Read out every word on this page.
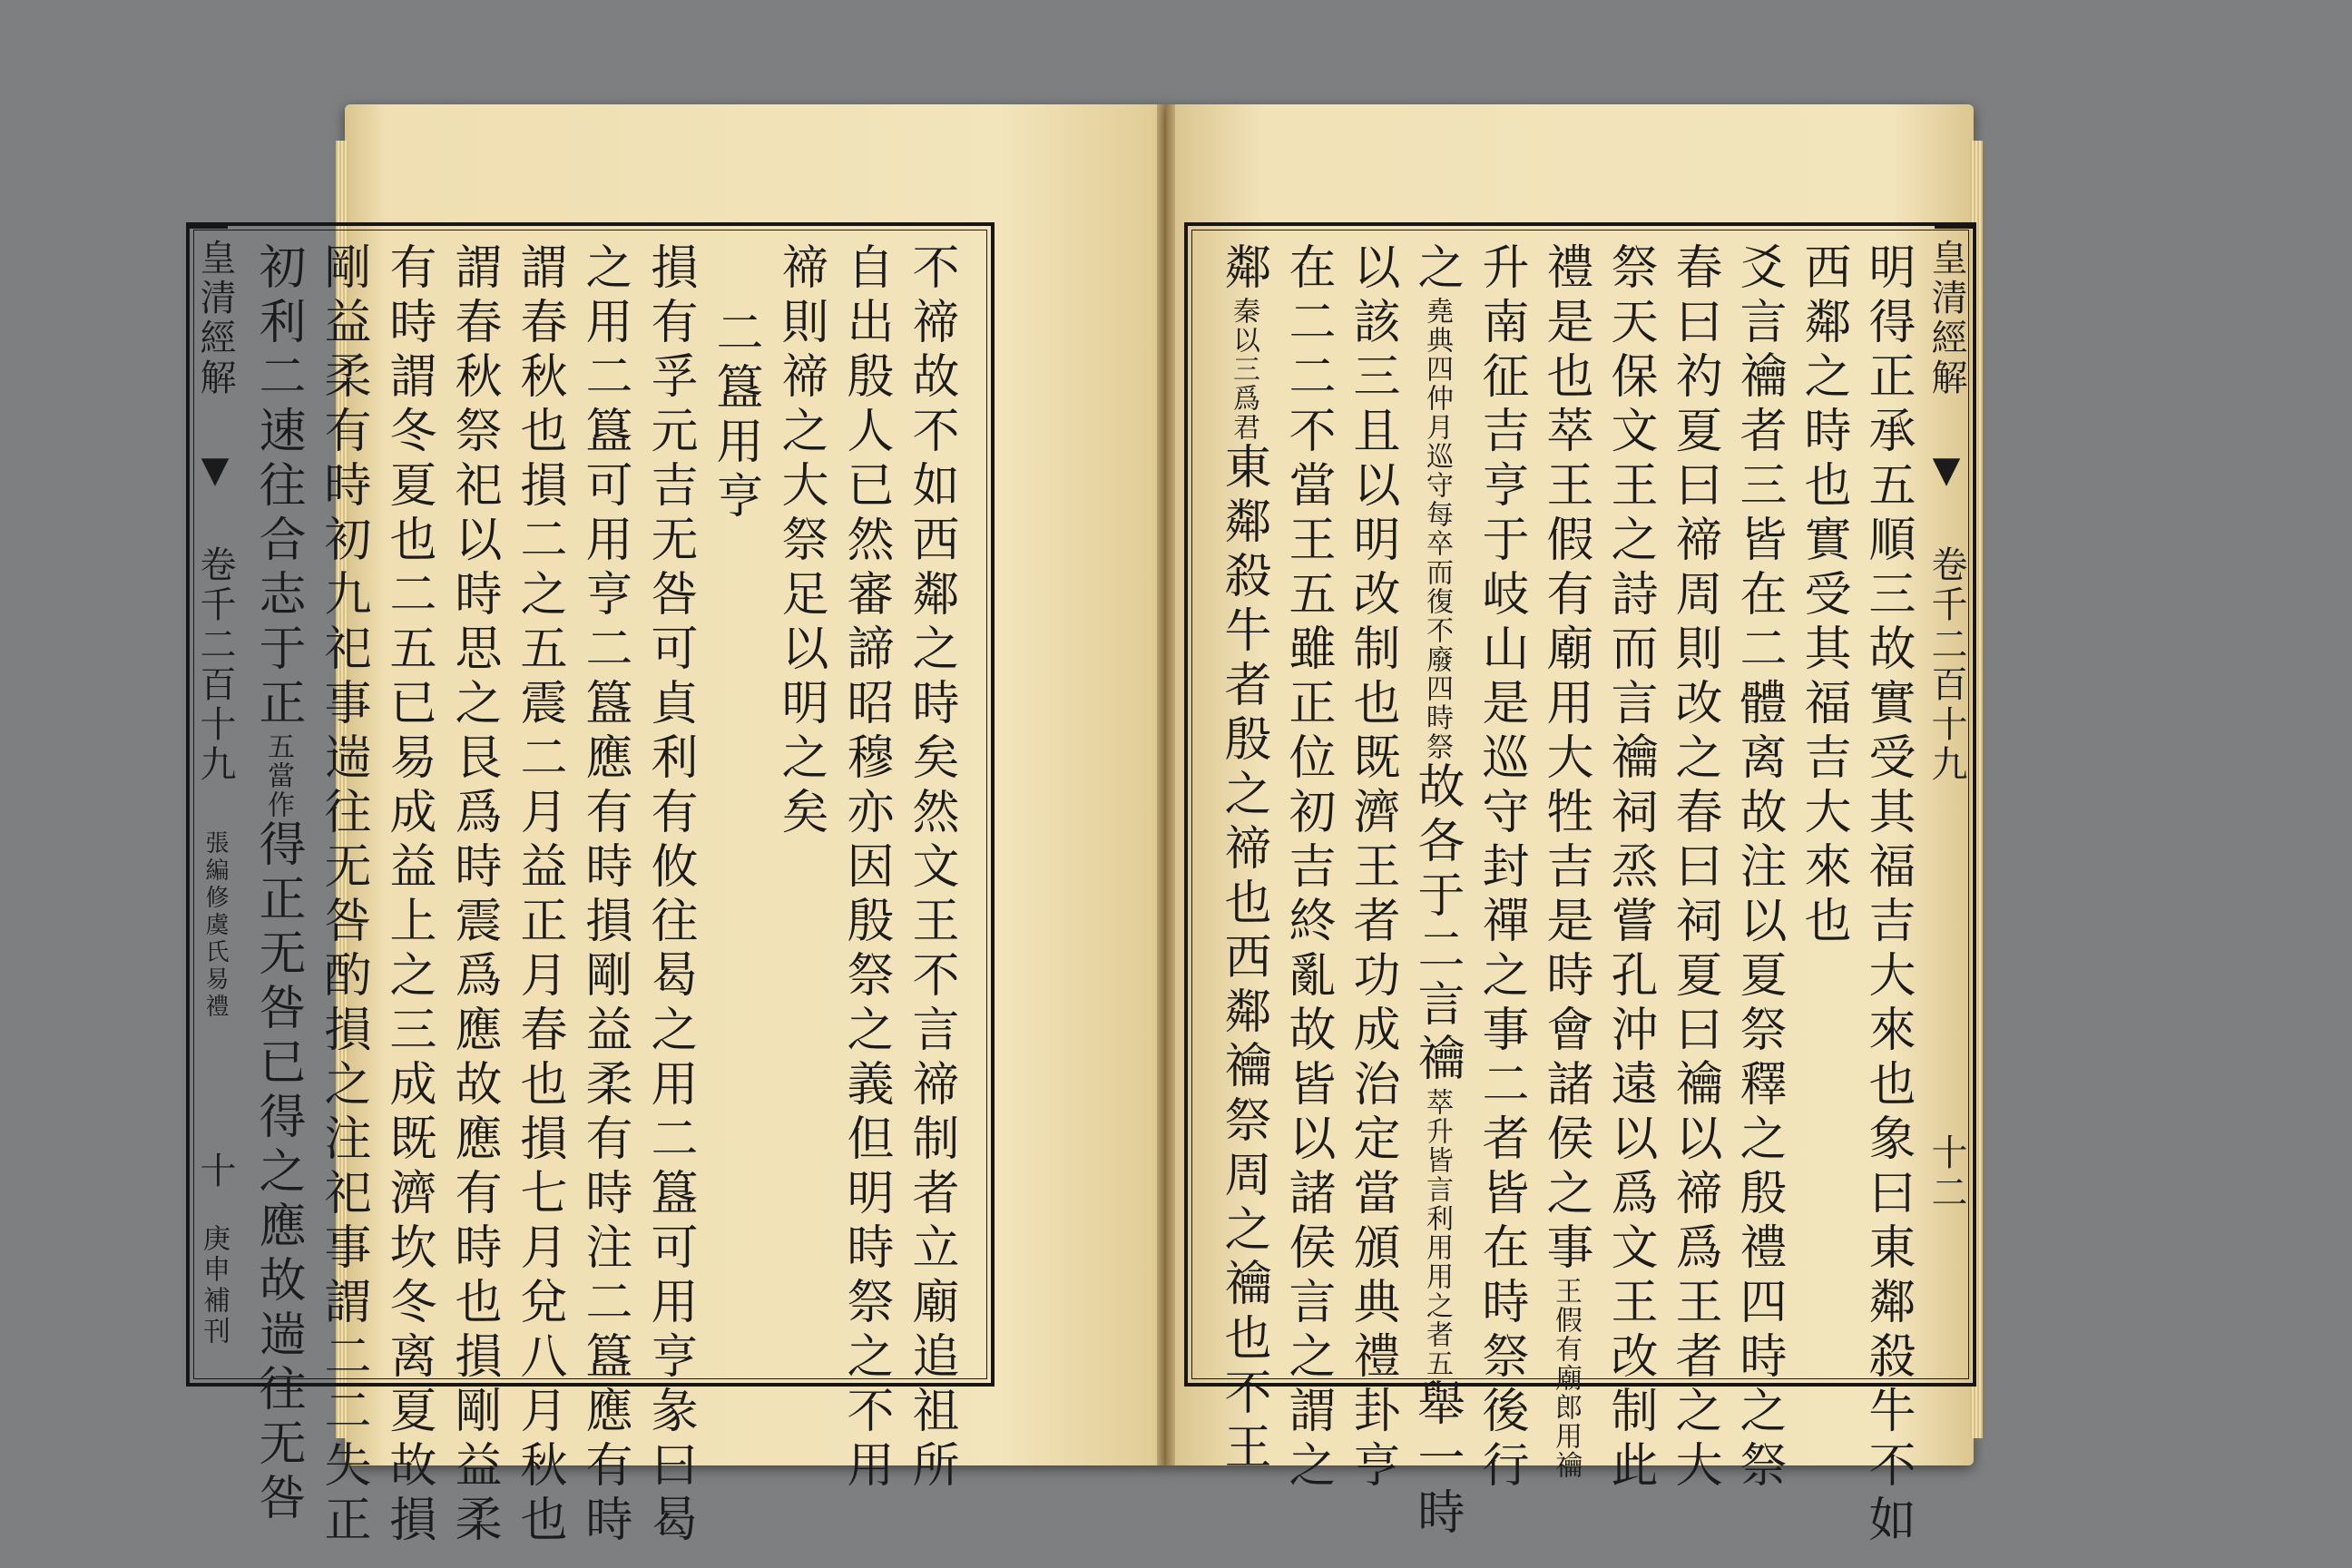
皇清經解 ▼ 卷千二百十九 張編修虞氏易禮
十
庚申補刊	不禘故不如西鄰之時矣然文王不言禘制者立廟追祖所
自出殷人已然審諦昭穆亦因殷祭之義但明時祭之不用
禘則禘之大祭足以明之矣
二簋用亨
損有孚元吉无咎可貞利有攸往曷之用二簋可用亨彖曰曷
之用二簋可用亨二簋應有時損剛益柔有時注二簋應有時
謂春秋也損二之五震二月益正月春也損七月兌八月秋也
謂春秋祭祀以時思之艮爲時震爲應故應有時也損剛益柔
有時謂冬夏也二五已易成益上之三成既濟坎冬离夏故損
剛益柔有時初九祀事遄往无咎酌損之注祀事謂二二失正
初利二速往合志于正五當作得正无咎已得之應故遄往无咎
皇清經解 ▼ 卷千二百十九
十二
明得正承五順三故實受其福吉大來也象曰東鄰殺牛不如
西鄰之時也實受其福吉大來也
爻言禴者三皆在二體离故注以夏祭釋之殷禮四時之祭
春曰礿夏曰禘周則改之春曰祠夏曰禴以禘爲王者之大
祭天保文王之詩而言禴祠烝嘗孔沖遠以爲文王改制此
禮是也萃王假有廟用大牲吉是時會諸侯之事王假有廟郎用禴
升南征吉亨于岐山是巡守封禪之事二者皆在時祭後行
之堯典四仲月巡守每卒而復不廢四時祭故各于二言禴萃升皆言利用用之者五舉一時
以該三且以明改制也既濟王者功成治定當頒典禮卦亨
在二二不當王五雖正位初吉終亂故皆以諸侯言之謂之
鄰秦以三爲君東鄰殺牛者殷之禘也西鄰禴祭周之禴也不王
